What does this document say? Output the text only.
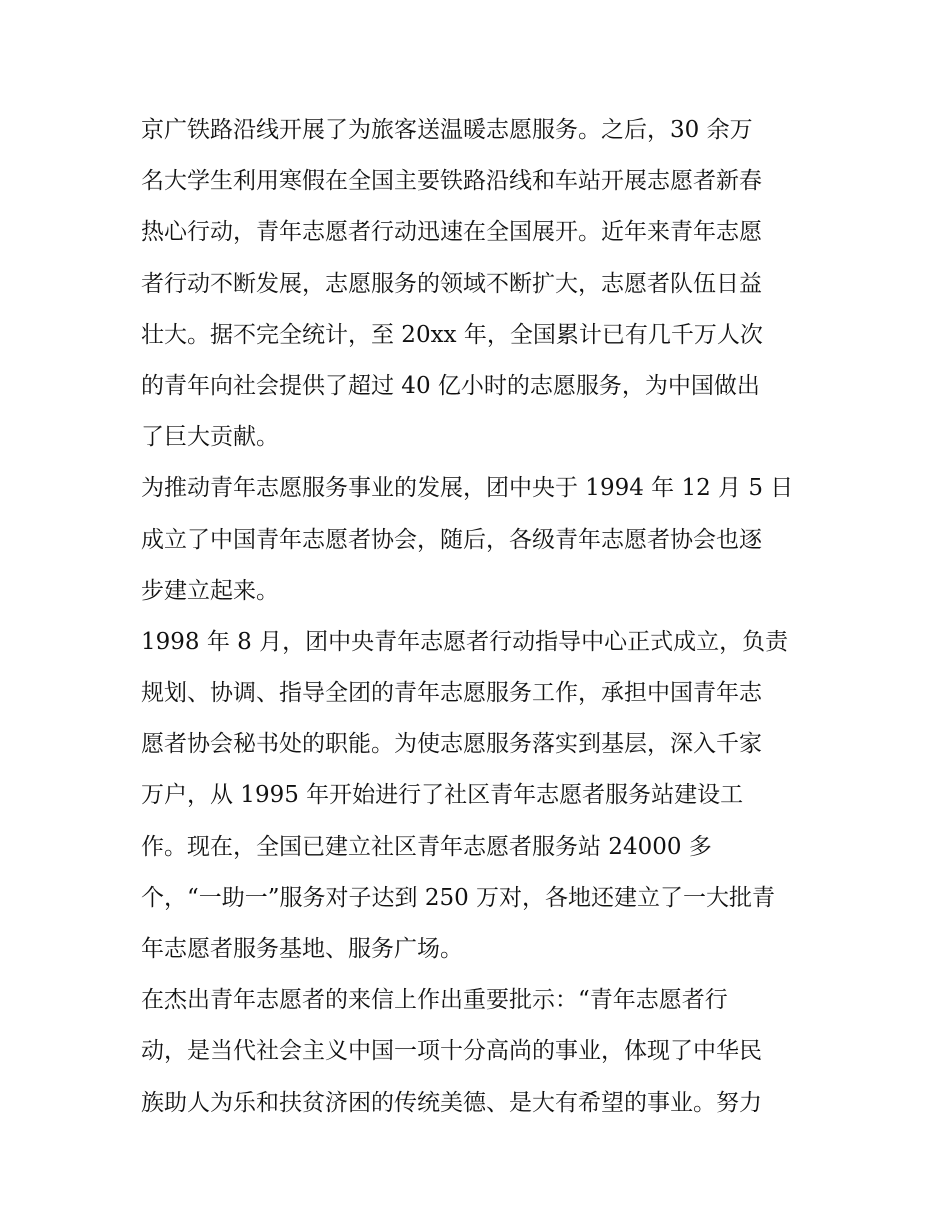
京广铁路沿线开展了为旅客送温暖志愿服务。之后，30 余万
名大学生利用寒假在全国主要铁路沿线和车站开展志愿者新春
热心行动，青年志愿者行动迅速在全国展开。近年来青年志愿
者行动不断发展，志愿服务的领域不断扩大，志愿者队伍日益
壮大。据不完全统计，至 20xx 年，全国累计已有几千万人次
的青年向社会提供了超过 40 亿小时的志愿服务，为中国做出
了巨大贡献。
为推动青年志愿服务事业的发展，团中央于 1994 年 12 月 5 日
成立了中国青年志愿者协会，随后，各级青年志愿者协会也逐
步建立起来。
1998 年 8 月，团中央青年志愿者行动指导中心正式成立，负责
规划、协调、指导全团的青年志愿服务工作，承担中国青年志
愿者协会秘书处的职能。为使志愿服务落实到基层，深入千家
万户，从 1995 年开始进行了社区青年志愿者服务站建设工
作。现在，全国已建立社区青年志愿者服务站 24000 多
个，“一助一”服务对子达到 250 万对，各地还建立了一大批青
年志愿者服务基地、服务广场。
在杰出青年志愿者的来信上作出重要批示：“青年志愿者行
动，是当代社会主义中国一项十分高尚的事业，体现了中华民
族助人为乐和扶贫济困的传统美德、是大有希望的事业。努力
